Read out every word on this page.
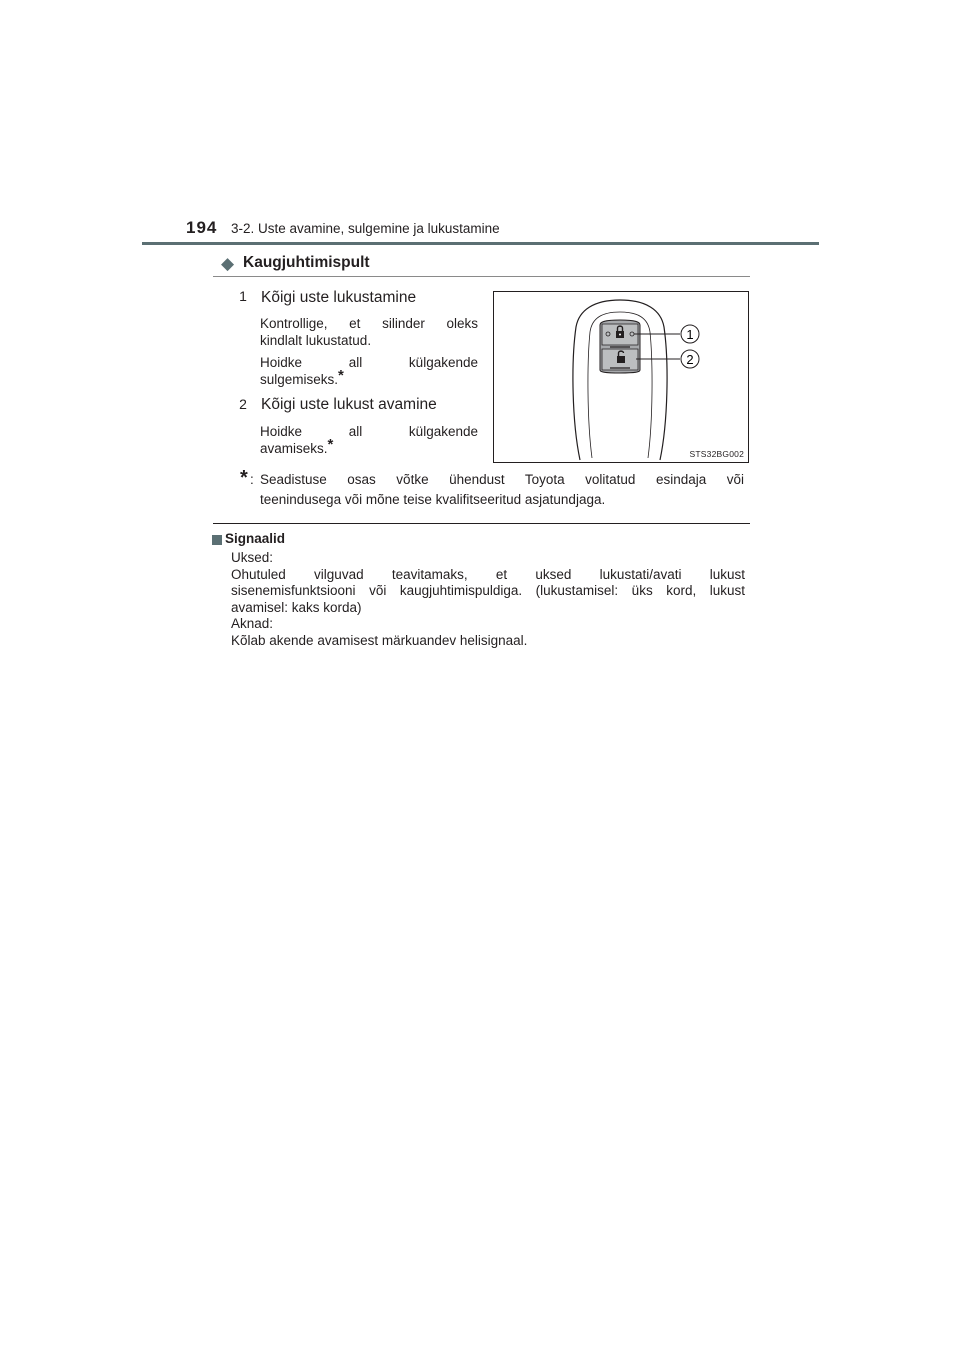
194 3-2. Uste avamine, sulgemine ja lukustamine
◆ Kaugjuhtimispult
1 Kõigi uste lukustamine
Kontrollige, et silinder oleks
kindlalt lukustatud.
Hoidke all külgakende
sulgemiseks.*
2 Kõigi uste lukust avamine
Hoidke all külgakende
avamiseks.*
1
2
STS32BG002
* : Seadistuse osas võtke ühendust Toyota volitatud esindaja või
teenindusega või mõne teise kvalifitseeritud asjatundjaga.
Signaalid
Uksed:
Ohutuled vilguvad teavitamaks, et uksed lukustati/avati lukust
sisenemisfunktsiooni või kaugjuhtimispuldiga. (lukustamisel: üks kord, lukust
avamisel: kaks korda)
Aknad:
Kõlab akende avamisest märkuandev helisignaal.
